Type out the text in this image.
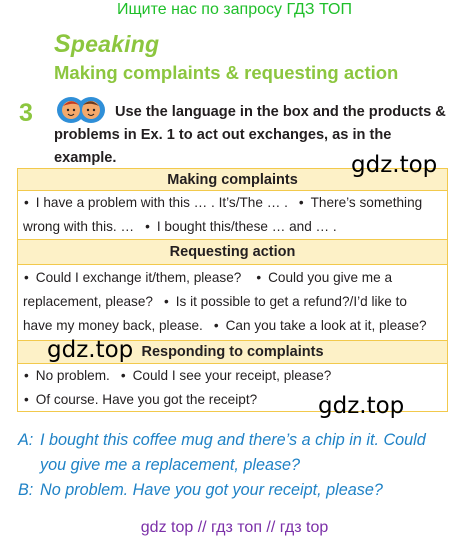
Ищите нас по запросу ГДЗ ТОП
Speaking
Making complaints & requesting action
3	Use the language in the box and the products &
problems in Ex. 1 to act out exchanges, as in the example.
Making complaints
• I have a problem with this … . It’s/The … . • There’s something
wrong with this. … • I bought this/these … and … .
Requesting action
• Could I exchange it/them, please? • Could you give me a
replacement, please? • Is it possible to get a refund?/I’d like to
have my money back, please. • Can you take a look at it, please?
Responding to complaints
• No problem. • Could I see your receipt, please?
• Of course. Have you got the receipt?
A: I bought this coffee mug and there’s a chip in it. Could
you give me a replacement, please?
B: No problem. Have you got your receipt, please?
gdz.top
gdz.top
gdz.top
gdz top // гдз топ // гдз top
